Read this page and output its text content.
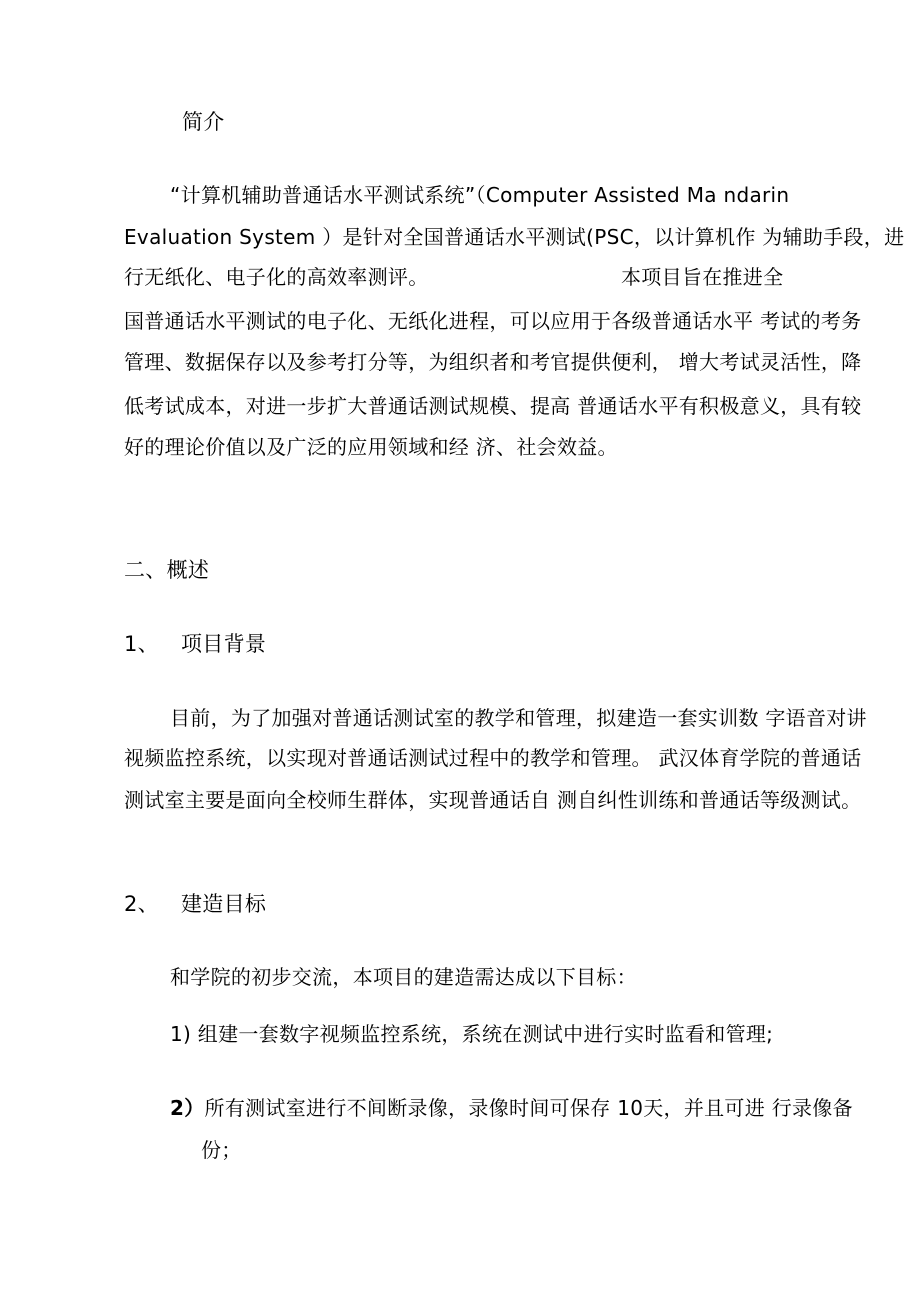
简介
“计算机辅助普通话水平测试系统”（Computer Assisted Ma ndarin
Evaluation System ）是针对全国普通话水平测试(PSC，以计算机作 为辅助手段，进
行无纸化、电子化的高效率测评。	本项目旨在推进全
国普通话水平测试的电子化、无纸化进程，可以应用于各级普通话水平 考试的考务
管理、数据保存以及参考打分等，为组织者和考官提供便利， 增大考试灵活性，降
低考试成本，对进一步扩大普通话测试规模、提高 普通话水平有积极意义，具有较
好的理论价值以及广泛的应用领域和经 济、社会效益。
二、概述
1、 项目背景
目前，为了加强对普通话测试室的教学和管理，拟建造一套实训数 字语音对讲
视频监控系统，以实现对普通话测试过程中的教学和管理。 武汉体育学院的普通话
测试室主要是面向全校师生群体，实现普通话自 测自纠性训练和普通话等级测试。
2、 建造目标
和学院的初步交流，本项目的建造需达成以下目标：
1) 组建一套数字视频监控系统，系统在测试中进行实时监看和管理;
2）所有测试室进行不间断录像，录像时间可保存 10天，并且可进 行录像备
份；
